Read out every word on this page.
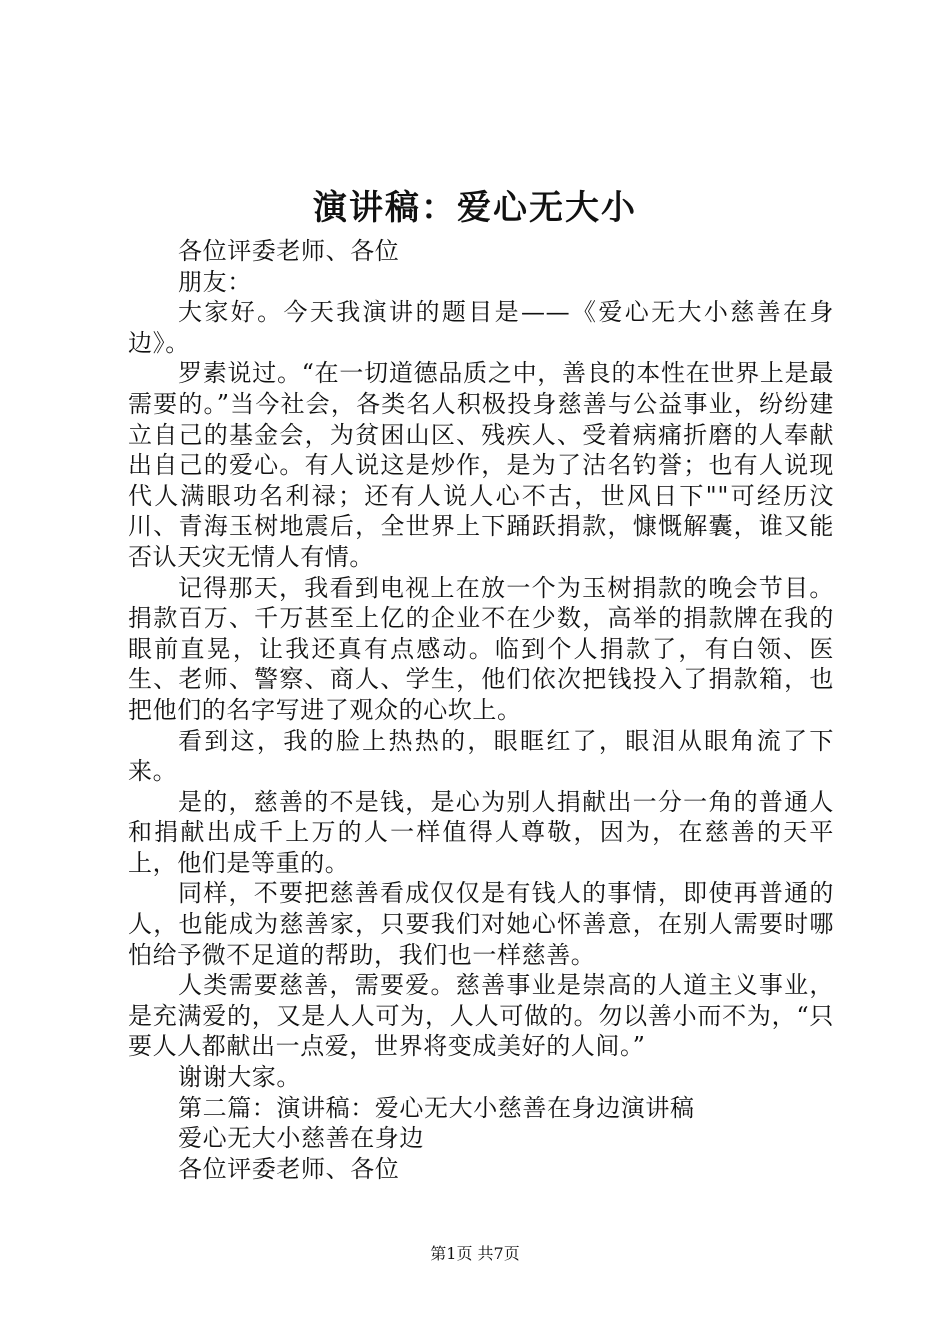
演讲稿：爱心无大小

各位评委老师、各位

朋友：

大家好。今天我演讲的题目是——《爱心无大小慈善在身边》。

罗素说过。“在一切道德品质之中，善良的本性在世界上是最需要的。”当今社会，各类名人积极投身慈善与公益事业，纷纷建立自己的基金会，为贫困山区、残疾人、受着病痛折磨的人奉献出自己的爱心。有人说这是炒作，是为了沽名钓誉；也有人说现代人满眼功名利禄；还有人说人心不古，世风日下""可经历汶川、青海玉树地震后，全世界上下踊跃捐款，慷慨解囊，谁又能否认天灾无情人有情。

记得那天，我看到电视上在放一个为玉树捐款的晚会节目。捐款百万、千万甚至上亿的企业不在少数，高举的捐款牌在我的眼前直晃，让我还真有点感动。临到个人捐款了，有白领、医生、老师、警察、商人、学生，他们依次把钱投入了捐款箱，也把他们的名字写进了观众的心坎上。

看到这，我的脸上热热的，眼眶红了，眼泪从眼角流了下来。

是的，慈善的不是钱，是心为别人捐献出一分一角的普通人和捐献出成千上万的人一样值得人尊敬，因为，在慈善的天平上，他们是等重的。

同样，不要把慈善看成仅仅是有钱人的事情，即使再普通的人，也能成为慈善家，只要我们对她心怀善意，在别人需要时哪怕给予微不足道的帮助，我们也一样慈善。

人类需要慈善，需要爱。慈善事业是崇高的人道主义事业，是充满爱的，又是人人可为，人人可做的。勿以善小而不为，“只要人人都献出一点爱，世界将变成美好的人间。”

谢谢大家。

第二篇：演讲稿：爱心无大小慈善在身边演讲稿

爱心无大小慈善在身边

各位评委老师、各位

第1页 共7页
